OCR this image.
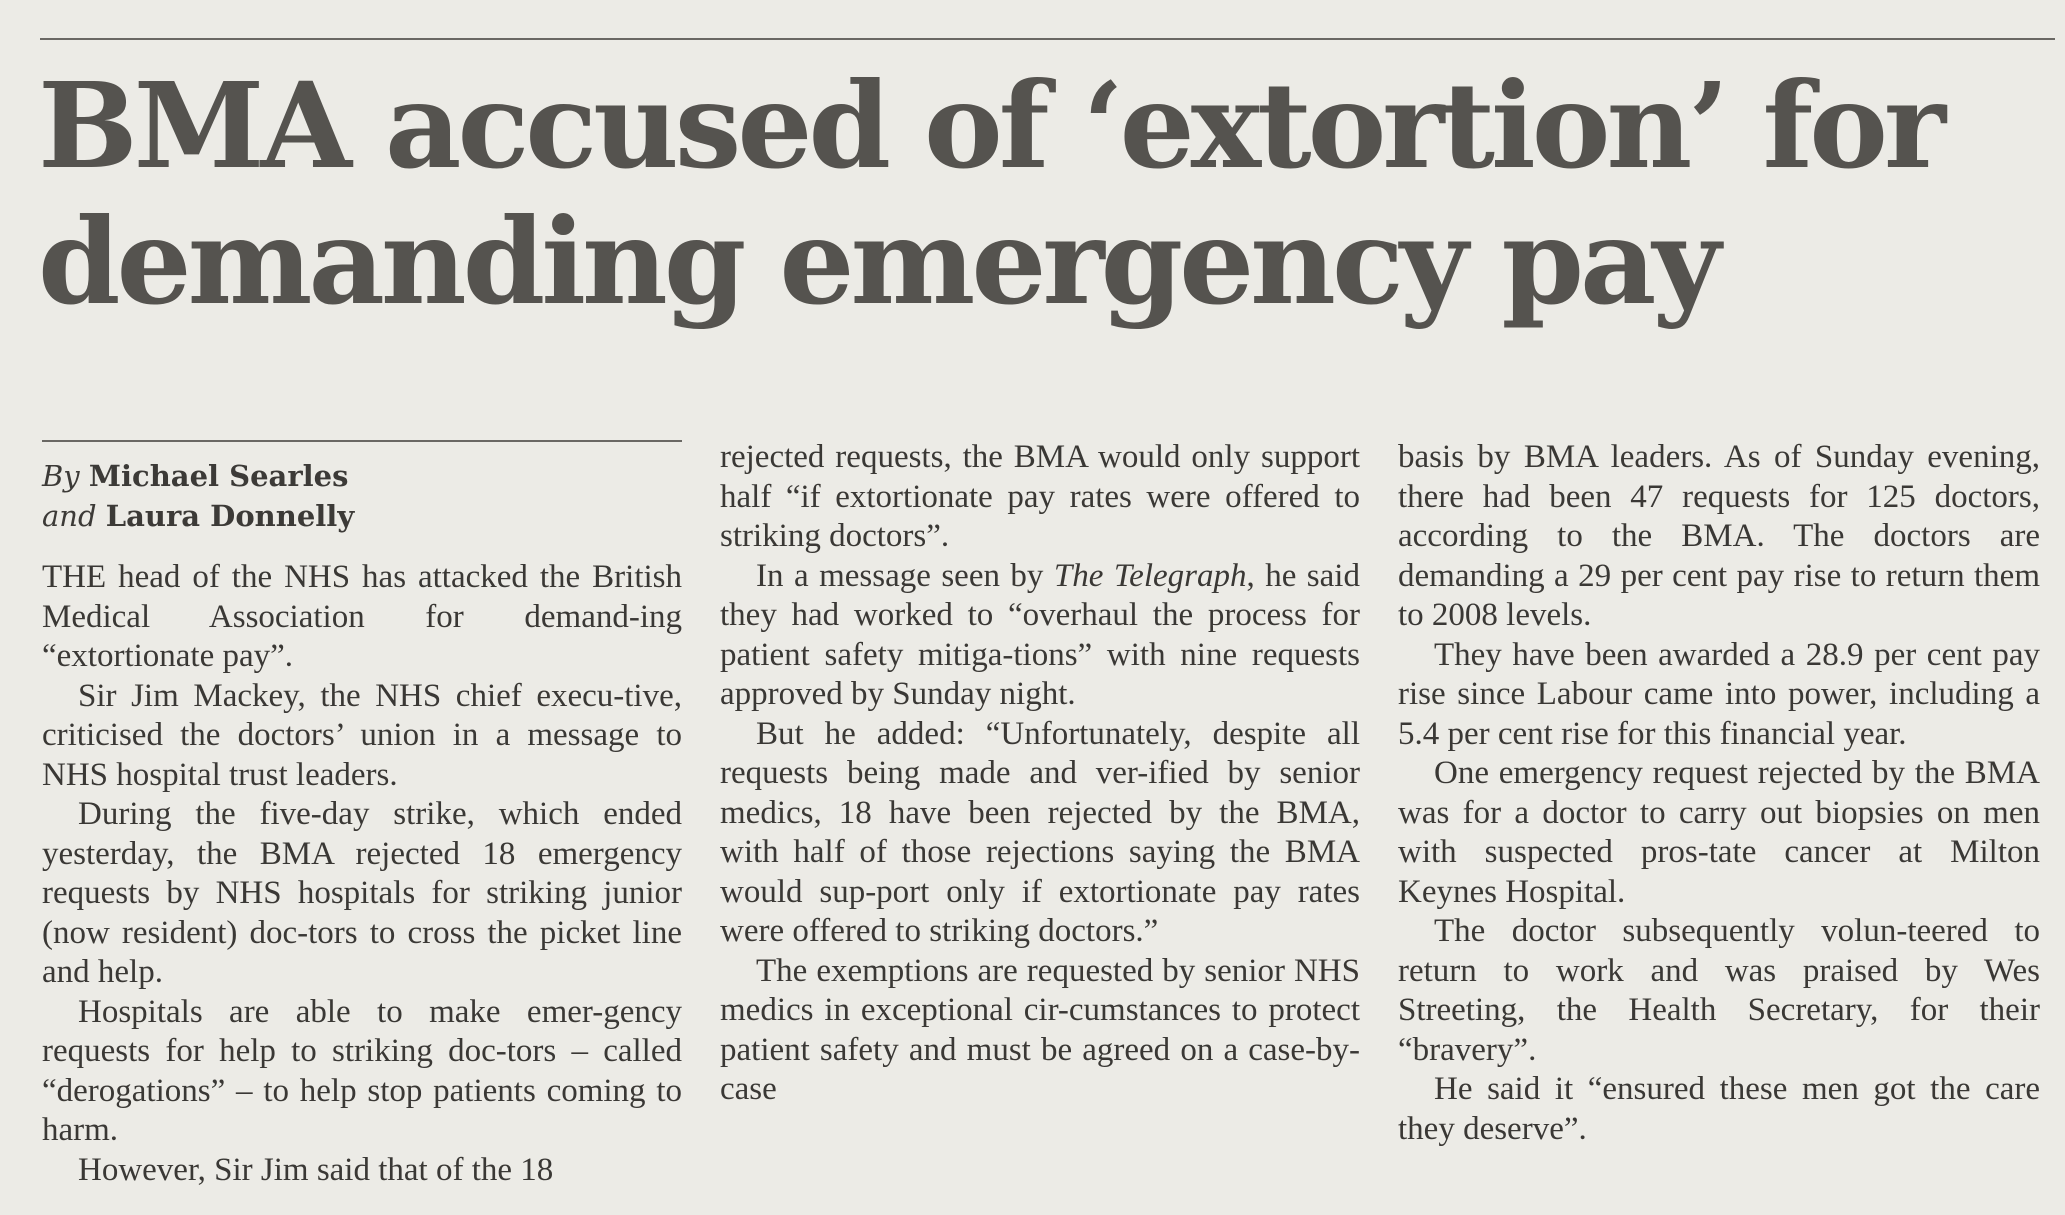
BMA accused of ‘extortion’ for
demanding emergency pay
By Michael Searles
and Laura Donnelly

THE head of the NHS has attacked the British Medical Association for demand-ing “extortionate pay”.

Sir Jim Mackey, the NHS chief execu-tive, criticised the doctors’ union in a message to NHS hospital trust leaders.

During the five-day strike, which ended yesterday, the BMA rejected 18 emergency requests by NHS hospitals for striking junior (now resident) doc-tors to cross the picket line and help.

Hospitals are able to make emer-gency requests for help to striking doc-tors – called “derogations” – to help stop patients coming to harm.

However, Sir Jim said that of the 18

rejected requests, the BMA would only support half “if extortionate pay rates were offered to striking doctors”.

In a message seen by The Telegraph, he said they had worked to “overhaul the process for patient safety mitiga-tions” with nine requests approved by Sunday night.

But he added: “Unfortunately, despite all requests being made and ver-ified by senior medics, 18 have been rejected by the BMA, with half of those rejections saying the BMA would sup-port only if extortionate pay rates were offered to striking doctors.”

The exemptions are requested by senior NHS medics in exceptional cir-cumstances to protect patient safety and must be agreed on a case-by-case

basis by BMA leaders. As of Sunday evening, there had been 47 requests for 125 doctors, according to the BMA. The doctors are demanding a 29 per cent pay rise to return them to 2008 levels.

They have been awarded a 28.9 per cent pay rise since Labour came into power, including a 5.4 per cent rise for this financial year.

One emergency request rejected by the BMA was for a doctor to carry out biopsies on men with suspected pros-tate cancer at Milton Keynes Hospital.

The doctor subsequently volun-teered to return to work and was praised by Wes Streeting, the Health Secretary, for their “bravery”.

He said it “ensured these men got the care they deserve”.
